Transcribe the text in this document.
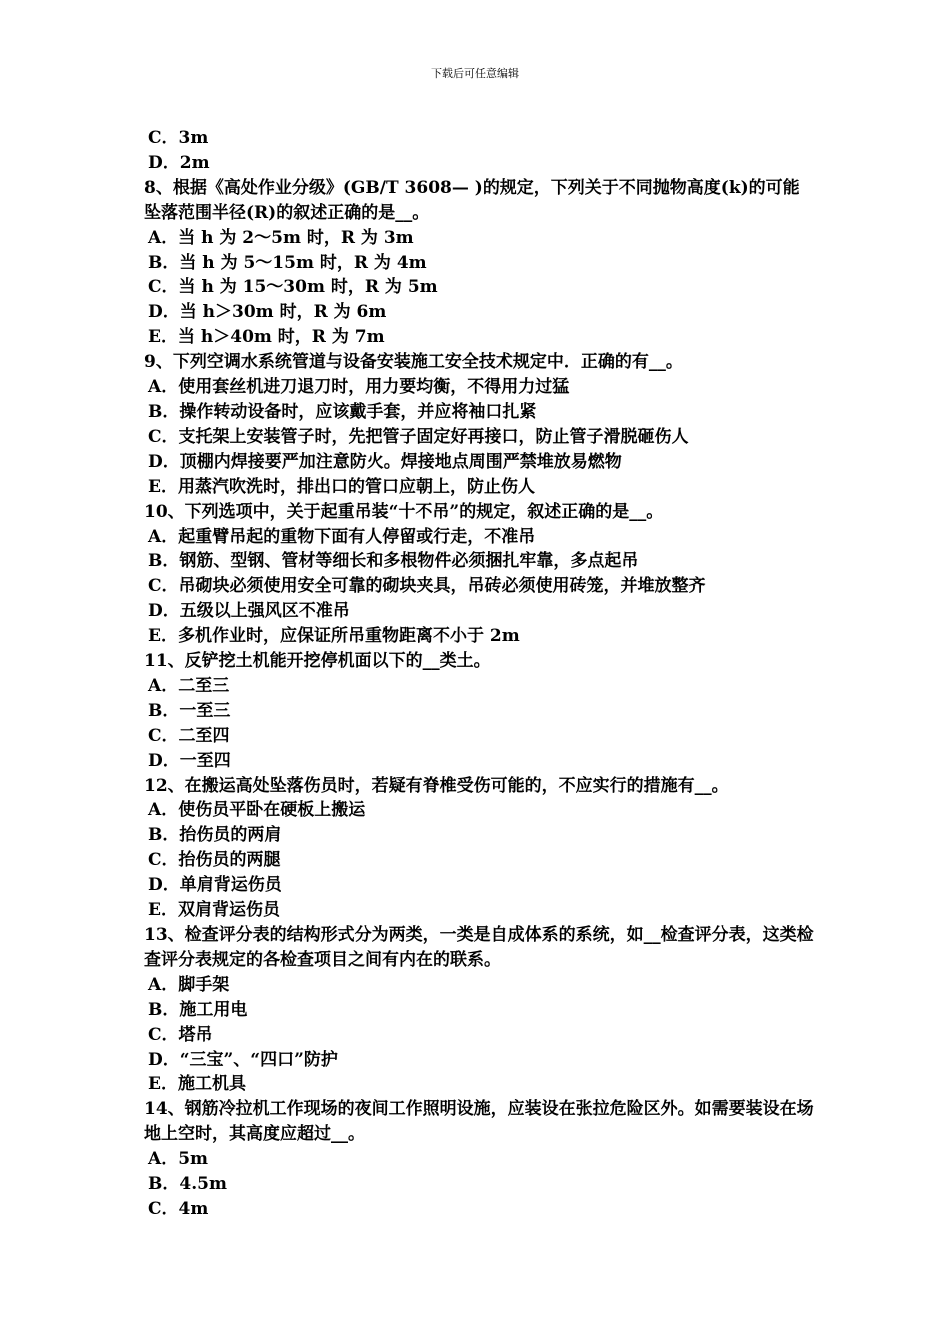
下载后可任意编辑
C．3m
D．2m
8、根据《高处作业分级》(GB/T 3608— )的规定，下列关于不同抛物高度(k)的可能坠落范围半径(R)的叙述正确的是__。
A．当 h 为 2～5m 时，R 为 3m
B．当 h 为 5～15m 时，R 为 4m
C．当 h 为 15～30m 时，R 为 5m
D．当 h＞30m 时，R 为 6m
E．当 h＞40m 时，R 为 7m
9、下列空调水系统管道与设备安装施工安全技术规定中．正确的有__。
A．使用套丝机进刀退刀时，用力要均衡，不得用力过猛
B．操作转动设备时，应该戴手套，并应将袖口扎紧
C．支托架上安装管子时，先把管子固定好再接口，防止管子滑脱砸伤人
D．顶棚内焊接要严加注意防火。焊接地点周围严禁堆放易燃物
E．用蒸汽吹洗时，排出口的管口应朝上，防止伤人
10、下列选项中，关于起重吊装“十不吊”的规定，叙述正确的是__。
A．起重臂吊起的重物下面有人停留或行走，不准吊
B．钢筋、型钢、管材等细长和多根物件必须捆扎牢靠，多点起吊
C．吊砌块必须使用安全可靠的砌块夹具，吊砖必须使用砖笼，并堆放整齐
D．五级以上强风区不准吊
E．多机作业时，应保证所吊重物距离不小于 2m
11、反铲挖土机能开挖停机面以下的__类土。
A．二至三
B．一至三
C．二至四
D．一至四
12、在搬运高处坠落伤员时，若疑有脊椎受伤可能的，不应实行的措施有__。
A．使伤员平卧在硬板上搬运
B．抬伤员的两肩
C．抬伤员的两腿
D．单肩背运伤员
E．双肩背运伤员
13、检查评分表的结构形式分为两类，一类是自成体系的系统，如__检查评分表，这类检查评分表规定的各检查项目之间有内在的联系。
A．脚手架
B．施工用电
C．塔吊
D．“三宝”、“四口”防护
E．施工机具
14、钢筋冷拉机工作现场的夜间工作照明设施，应装设在张拉危险区外。如需要装设在场地上空时，其高度应超过__。
A．5m
B．4.5m
C．4m
